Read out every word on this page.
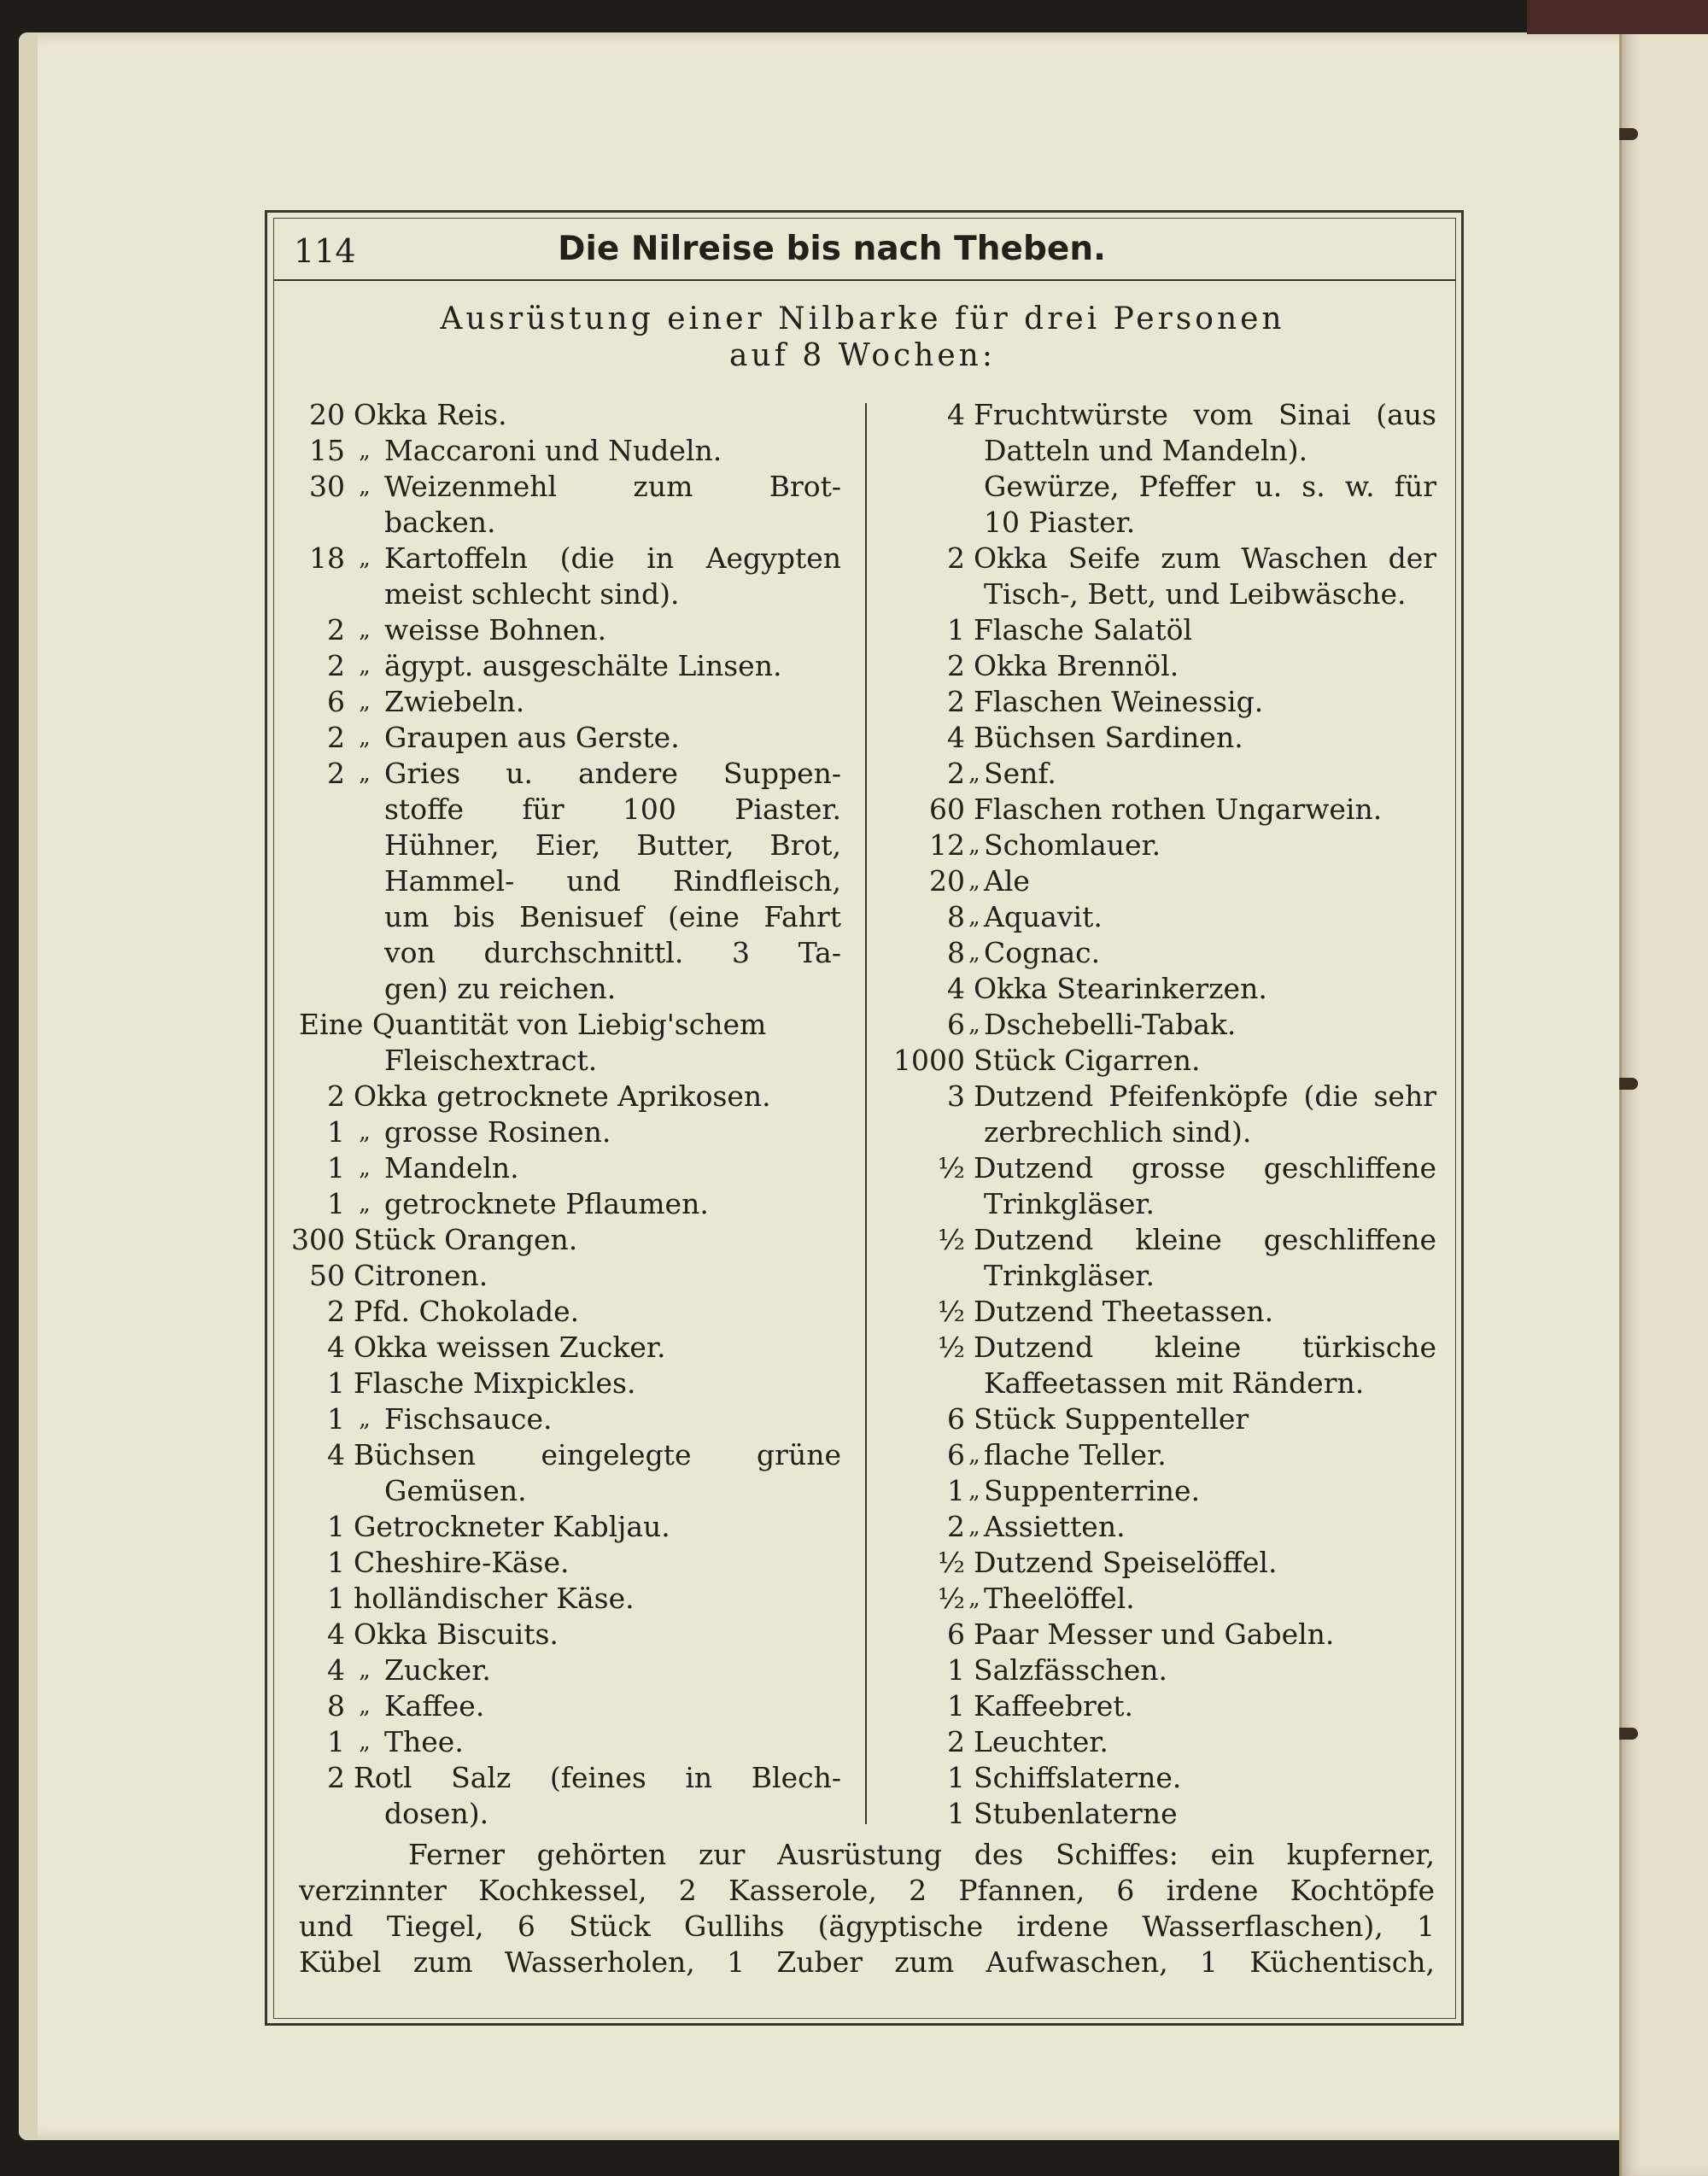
114	Die Nilreise bis nach Theben.
Ausrüstung einer Nilbarke für drei Personen
auf 8 Wochen:
20 Okka Reis.
15 „ Maccaroni und Nudeln.
30 „ Weizenmehl zum Brot-
backen.
18 „ Kartoffeln (die in Aegypten
meist schlecht sind).
2 „ weisse Bohnen.
2 „ ägypt. ausgeschälte Linsen.
6 „ Zwiebeln.
2 „ Graupen aus Gerste.
2 „ Gries u. andere Suppen-
stoffe für 100 Piaster.
Hühner, Eier, Butter, Brot,
Hammel- und Rindfleisch,
um bis Benisuef (eine Fahrt
von durchschnittl. 3 Ta-
gen) zu reichen.
Eine Quantität von Liebig'schem
Fleischextract.
2 Okka getrocknete Aprikosen.
1 „ grosse Rosinen.
1 „ Mandeln.
1 „ getrocknete Pflaumen.
300 Stück Orangen.
50 Citronen.
2 Pfd. Chokolade.
4 Okka weissen Zucker.
1 Flasche Mixpickles.
1 „ Fischsauce.
4 Büchsen eingelegte grüne
Gemüsen.
1 Getrockneter Kabljau.
1 Cheshire-Käse.
1 holländischer Käse.
4 Okka Biscuits.
4 „ Zucker.
8 „ Kaffee.
1 „ Thee.
2 Rotl Salz (feines in Blech-
dosen).
4 Fruchtwürste vom Sinai (aus
Datteln und Mandeln).
Gewürze, Pfeffer u. s. w. für
10 Piaster.
2 Okka Seife zum Waschen der
Tisch-, Bett, und Leibwäsche.
1 Flasche Salatöl
2 Okka Brennöl.
2 Flaschen Weinessig.
4 Büchsen Sardinen.
2 „ Senf.
60 Flaschen rothen Ungarwein.
12 „ Schomlauer.
20 „ Ale
8 „ Aquavit.
8 „ Cognac.
4 Okka Stearinkerzen.
6 „ Dschebelli-Tabak.
1000 Stück Cigarren.
3 Dutzend Pfeifenköpfe (die sehr
zerbrechlich sind).
½ Dutzend grosse geschliffene
Trinkgläser.
½ Dutzend kleine geschliffene
Trinkgläser.
½ Dutzend Theetassen.
½ Dutzend kleine türkische
Kaffeetassen mit Rändern.
6 Stück Suppenteller
6 „ flache Teller.
1 „ Suppenterrine.
2 „ Assietten.
½ Dutzend Speiselöffel.
½ „ Theelöffel.
6 Paar Messer und Gabeln.
1 Salzfässchen.
1 Kaffeebret.
2 Leuchter.
1 Schiffslaterne.
1 Stubenlaterne
Ferner gehörten zur Ausrüstung des Schiffes: ein kupferner,
verzinnter Kochkessel, 2 Kasserole, 2 Pfannen, 6 irdene Kochtöpfe
und Tiegel, 6 Stück Gullihs (ägyptische irdene Wasserflaschen), 1
Kübel zum Wasserholen, 1 Zuber zum Aufwaschen, 1 Küchentisch,
